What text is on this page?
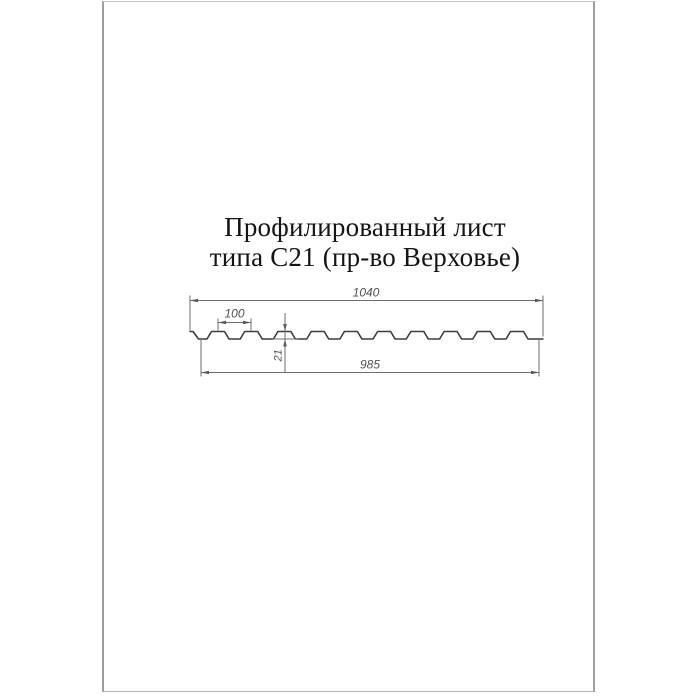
Профилированный лист
типа С21 (пр-во Верховье)
1040
100
985
21
